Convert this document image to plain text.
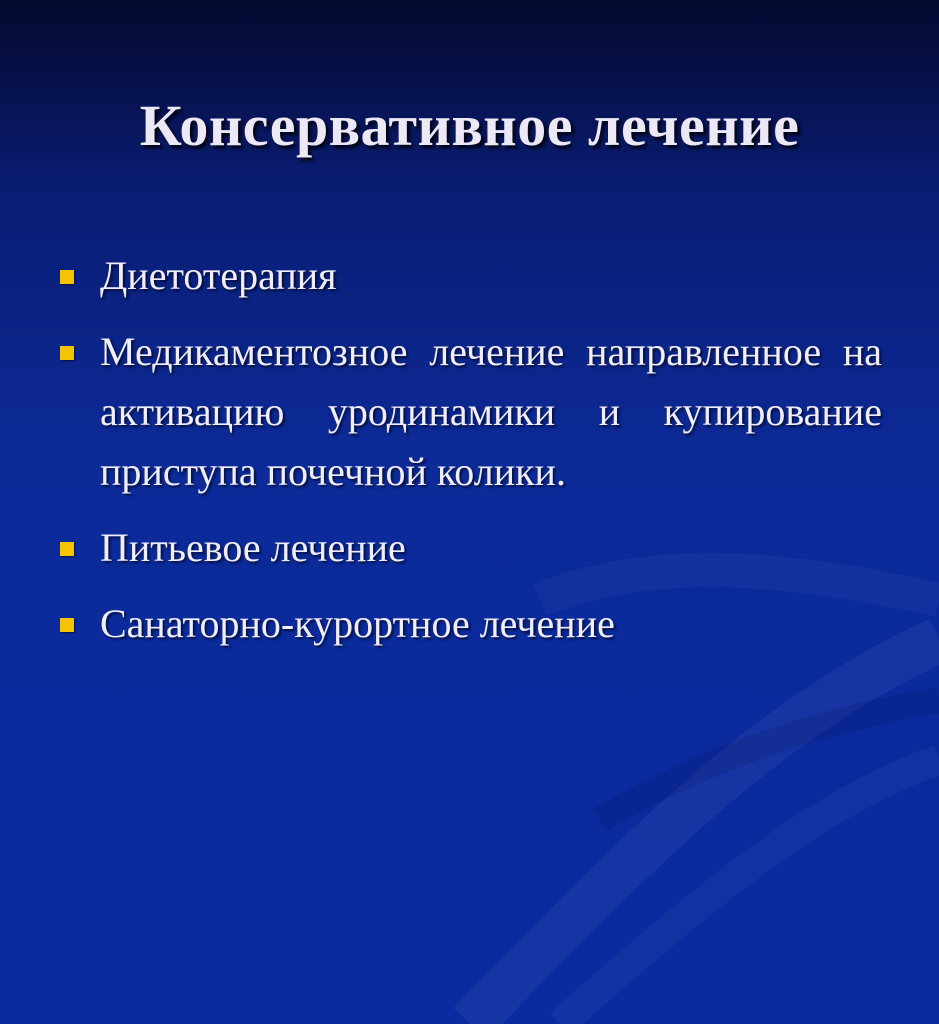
Консервативное лечение
Диетотерапия
Медикаментозное лечение направленное на активацию уродинамики и купирование приступа почечной колики.
Питьевое лечение
Санаторно-курортное лечение
